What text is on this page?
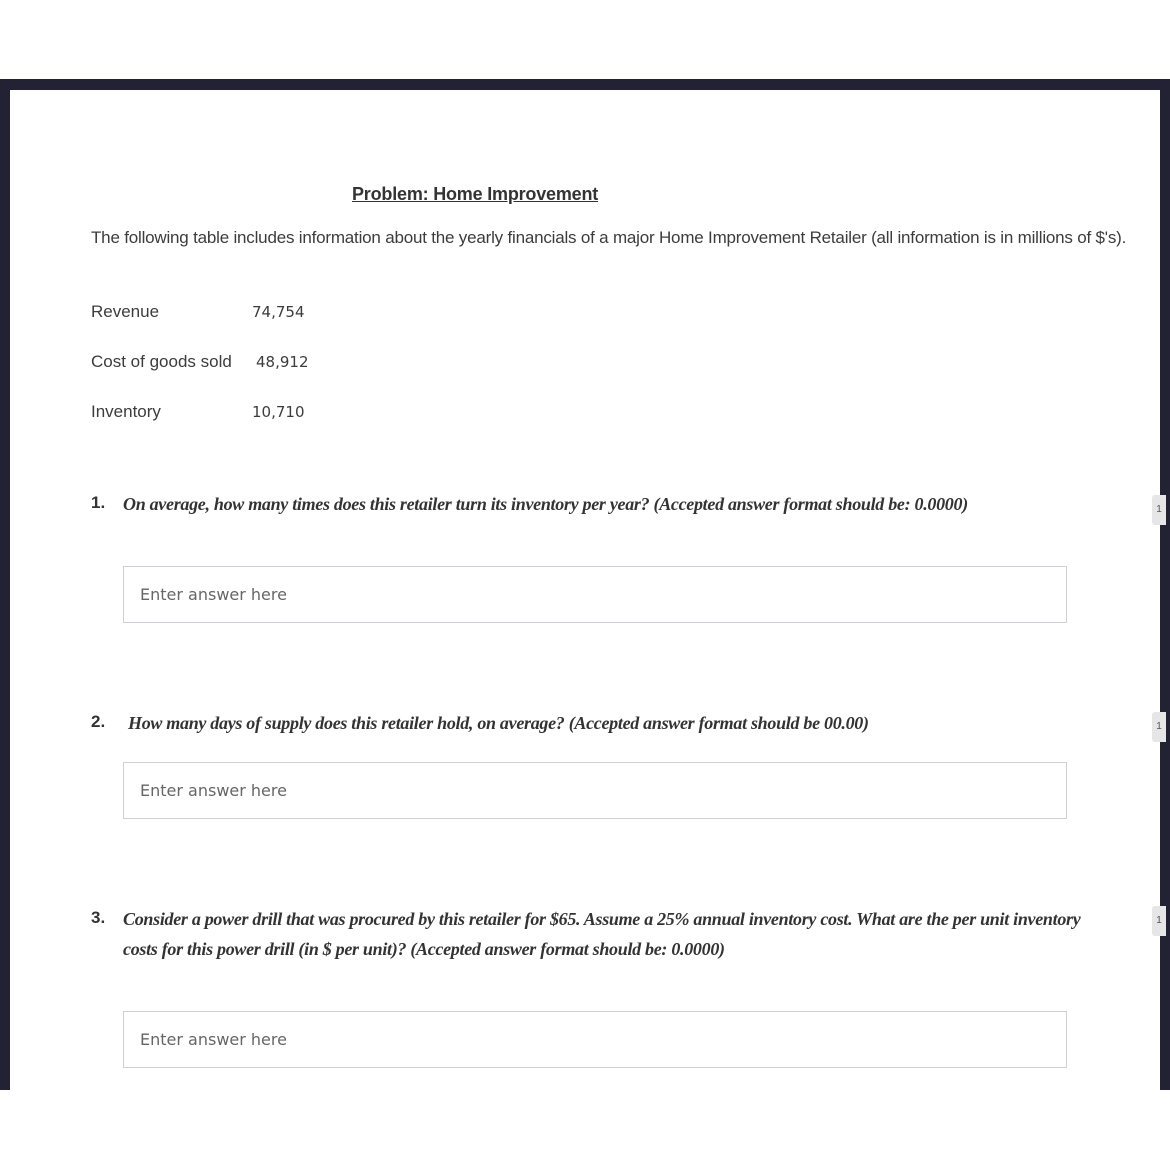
Problem: Home Improvement
The following table includes information about the yearly financials of a major Home Improvement Retailer (all information is in millions of $'s).
Revenue	74,754
Cost of goods sold 48,912
Inventory	10,710
1. On average, how many times does this retailer turn its inventory per year? (Accepted answer format should be: 0.0000)
Enter answer here	1
2. How many days of supply does this retailer hold, on average? (Accepted answer format should be 00.00)
Enter answer here	1
3. Consider a power drill that was procured by this retailer for $65. Assume a 25% annual inventory cost. What are the per unit inventory costs for this power drill (in $ per unit)? (Accepted answer format should be: 0.0000)
Enter answer here
1
